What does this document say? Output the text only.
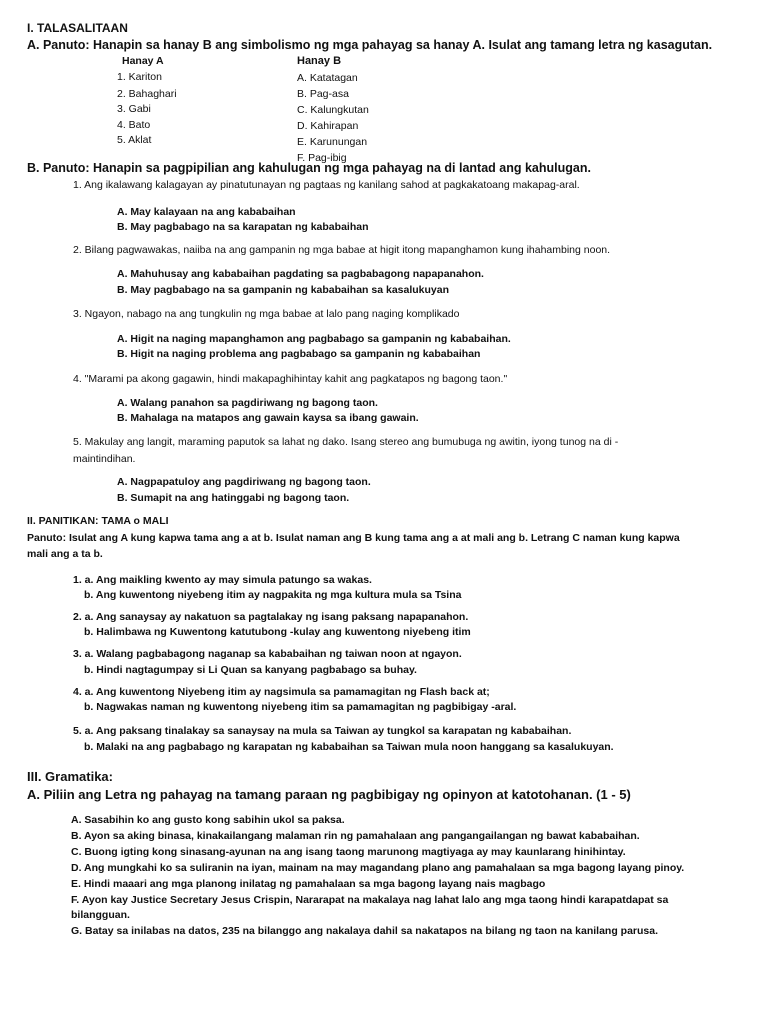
I. TALASALITAAN
A. Panuto: Hanapin sa hanay B ang simbolismo ng mga pahayag sa hanay A. Isulat ang tamang letra ng kasagutan.
Hanay A	Hanay B
1. Kariton
2. Bahaghari
3. Gabi
4. Bato
5. Aklat
A. Katatagan
B. Pag-asa
C. Kalungkutan
D. Kahirapan
E. Karunungan
F. Pag-ibig
B. Panuto: Hanapin sa pagpipilian ang kahulugan ng mga pahayag na di lantad ang kahulugan.
1. Ang ikalawang kalagayan ay pinatutunayan ng pagtaas ng kanilang sahod at pagkakatoang makapag-aral.
A. May kalayaan na ang kababaihan
B. May pagbabago na sa karapatan ng kababaihan
2. Bilang pagwawakas, naiiba na ang gampanin ng mga babae at higit itong mapanghamon kung ihahambing noon.
A. Mahuhusay ang kababaihan pagdating sa pagbabagong napapanahon.
B. May pagbabago na sa gampanin ng kababaihan sa kasalukuyan
3. Ngayon, nabago na ang tungkulin ng mga babae at lalo pang naging komplikado
A. Higit na naging mapanghamon ang pagbabago sa gampanin ng kababaihan.
B. Higit na naging problema ang pagbabago sa gampanin ng kababaihan
4. "Marami pa akong gagawin, hindi makapaghihintay kahit ang pagkatapos ng bagong taon."
A. Walang panahon sa pagdiriwang ng bagong taon.
B. Mahalaga na matapos ang gawain kaysa sa ibang gawain.
5. Makulay ang langit, maraming paputok sa lahat ng dako. Isang stereo ang bumubuga ng awitin, iyong tunog na di -
maintindihan.
A. Nagpapatuloy ang pagdiriwang ng bagong taon.
B. Sumapit na ang hatinggabi ng bagong taon.
II. PANITIKAN: TAMA o MALI
Panuto: Isulat ang A kung kapwa tama ang a at b. Isulat naman ang B kung tama ang a at mali ang b. Letrang C naman kung kapwa
mali ang a ta b.
1. a. Ang maikling kwento ay may simula patungo sa wakas.
b. Ang kuwentong niyebeng itim ay nagpakita ng mga kultura mula sa Tsina
2. a. Ang sanaysay ay nakatuon sa pagtalakay ng isang paksang napapanahon.
b. Halimbawa ng Kuwentong katutubong -kulay ang kuwentong niyebeng itim
3. a. Walang pagbabagong naganap sa kababaihan ng taiwan noon at ngayon.
b. Hindi nagtagumpay si Li Quan sa kanyang pagbabago sa buhay.
4. a. Ang kuwentong Niyebeng itim ay nagsimula sa pamamagitan ng Flash back at;
b. Nagwakas naman ng kuwentong niyebeng itim sa pamamagitan ng pagbibigay -aral.
5. a. Ang paksang tinalakay sa sanaysay na mula sa Taiwan ay tungkol sa karapatan ng kababaihan.
b. Malaki na ang pagbabago ng karapatan ng kababaihan sa Taiwan mula noon hanggang sa kasalukuyan.
III. Gramatika:
A. Piliin ang Letra ng pahayag na tamang paraan ng pagbibigay ng opinyon at katotohanan. (1 - 5)
A. Sasabihin ko ang gusto kong sabihin ukol sa paksa.
B. Ayon sa aking binasa, kinakailangang malaman rin ng pamahalaan ang pangangailangan ng bawat kababaihan.
C. Buong igting kong sinasang-ayunan na ang isang taong marunong magtiyaga ay may kaunlarang hinihintay.
D. Ang mungkahi ko sa suliranin na iyan, mainam na may magandang plano ang pamahalaan sa mga bagong layang pinoy.
E. Hindi maaari ang mga planong inilatag ng pamahalaan sa mga bagong layang nais magbago
F. Ayon kay Justice Secretary Jesus Crispin, Nararapat na makalaya nag lahat lalo ang mga taong hindi karapatdapat sa
bilangguan.
G. Batay sa inilabas na datos, 235 na bilanggo ang nakalaya dahil sa nakatapos na bilang ng taon na kanilang parusa.
